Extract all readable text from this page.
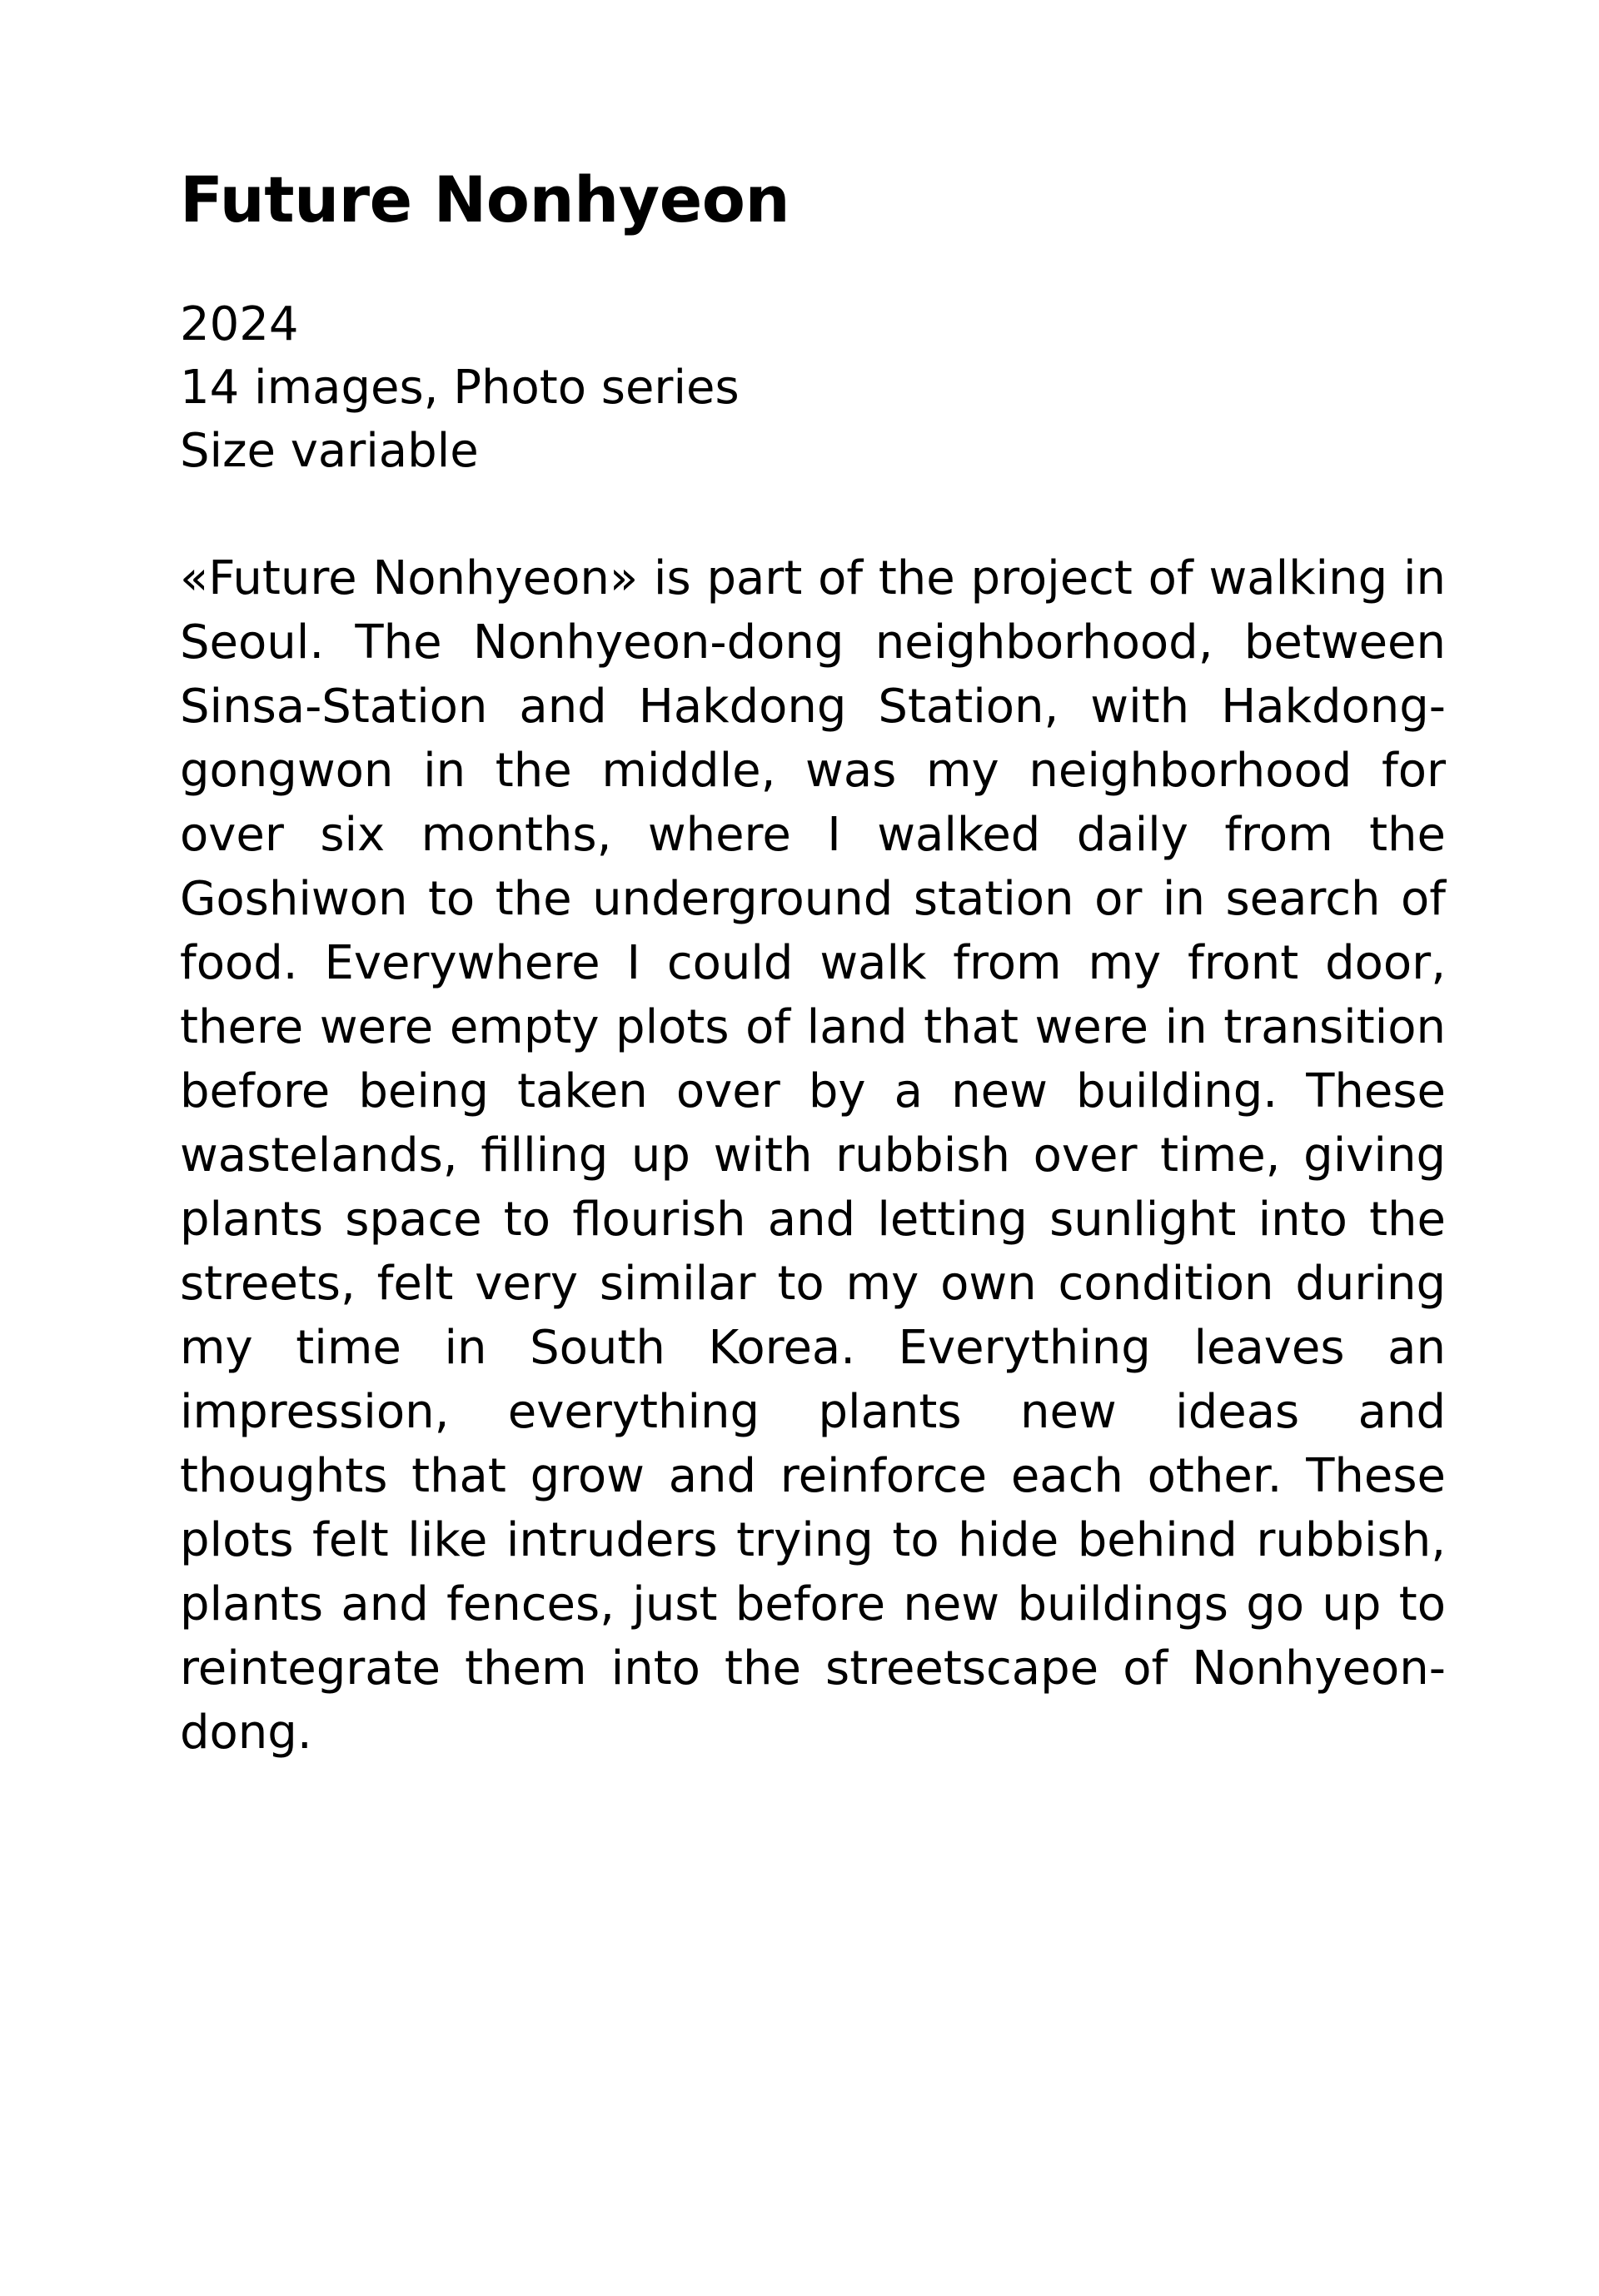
Future Nonhyeon
2024
14 images, Photo series
Size variable

«Future Nonhyeon» is part of the project of walking in Seoul. The Nonhyeon-dong neighborhood, between Sinsa-Station and Hakdong Station, with Hakdong-gongwon in the middle, was my neighborhood for over six months, where I walked daily from the Goshiwon to the underground station or in search of food. Everywhere I could walk from my front door, there were empty plots of land that were in transition before being taken over by a new building. These wastelands, filling up with rubbish over time, giving plants space to flourish and letting sunlight into the streets, felt very similar to my own condition during my time in South Korea. Everything leaves an impression, everything plants new ideas and thoughts that grow and reinforce each other. These plots felt like intruders trying to hide behind rubbish, plants and fences, just before new buildings go up to reintegrate them into the streetscape of Nonhyeon-dong.
